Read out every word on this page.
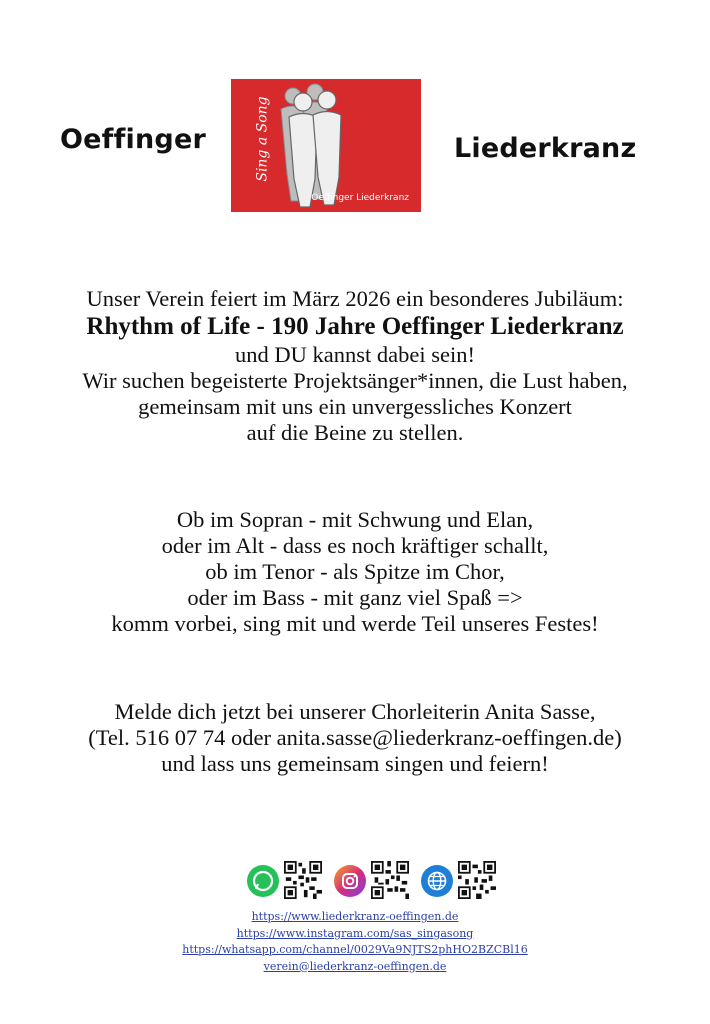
Oeffinger	Sing a Song
Oeffinger Liederkranz
Liederkranz
Unser Verein feiert im März 2026 ein besonderes Jubiläum:
Rhythm of Life - 190 Jahre Oeffinger Liederkranz
und DU kannst dabei sein!
Wir suchen begeisterte Projektsänger*innen, die Lust haben,
gemeinsam mit uns ein unvergessliches Konzert
auf die Beine zu stellen.
Ob im Sopran - mit Schwung und Elan,
oder im Alt - dass es noch kräftiger schallt,
ob im Tenor - als Spitze im Chor,
oder im Bass - mit ganz viel Spaß =>
komm vorbei, sing mit und werde Teil unseres Festes!
Melde dich jetzt bei unserer Chorleiterin Anita Sasse,
(Tel. 516 07 74 oder anita.sasse@liederkranz-oeffingen.de)
und lass uns gemeinsam singen und feiern!
https://www.liederkranz-oeffingen.de
https://www.instagram.com/sas_singasong
https://whatsapp.com/channel/0029Va9NJTS2phHO2BZCBl16
verein@liederkranz-oeffingen.de
